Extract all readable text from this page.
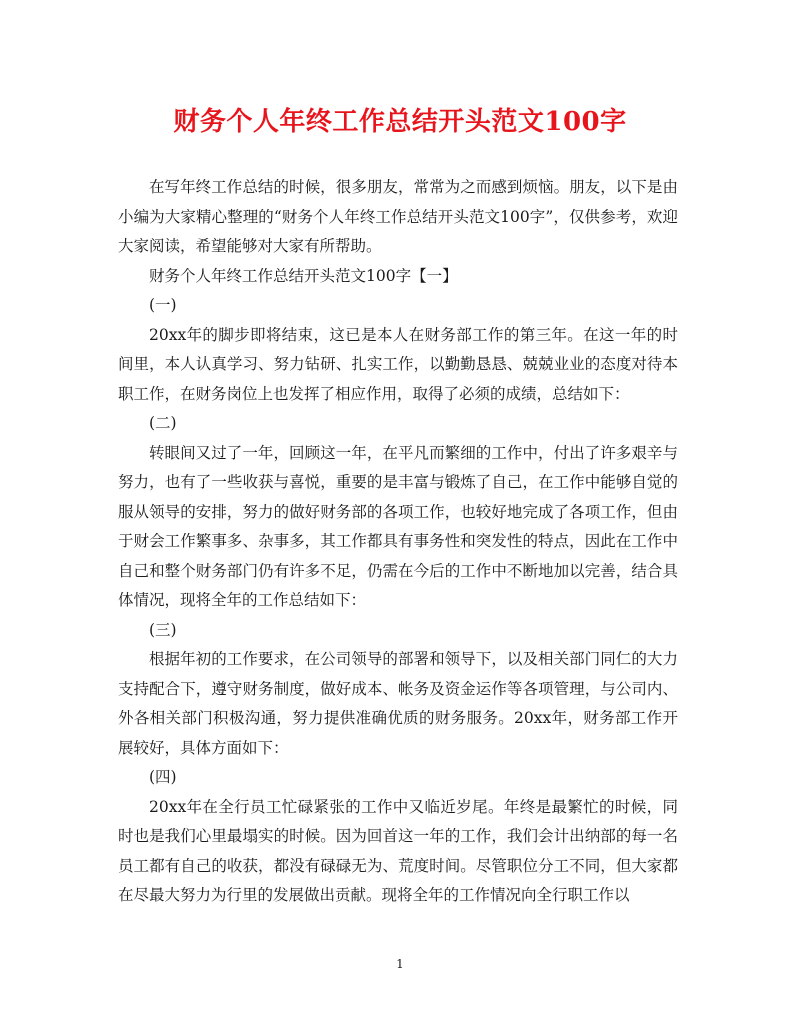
财务个人年终工作总结开头范文100字

在写年终工作总结的时候，很多朋友，常常为之而感到烦恼。朋友，以下是由小编为大家精心整理的“财务个人年终工作总结开头范文100字”，仅供参考，欢迎大家阅读，希望能够对大家有所帮助。

财务个人年终工作总结开头范文100字【一】

(一)

20xx年的脚步即将结束，这已是本人在财务部工作的第三年。在这一年的时间里，本人认真学习、努力钻研、扎实工作，以勤勤恳恳、兢兢业业的态度对待本职工作，在财务岗位上也发挥了相应作用，取得了必须的成绩，总结如下：

(二)

转眼间又过了一年，回顾这一年，在平凡而繁细的工作中，付出了许多艰辛与努力，也有了一些收获与喜悦，重要的是丰富与锻炼了自己，在工作中能够自觉的服从领导的安排，努力的做好财务部的各项工作，也较好地完成了各项工作，但由于财会工作繁事多、杂事多，其工作都具有事务性和突发性的特点，因此在工作中自己和整个财务部门仍有许多不足，仍需在今后的工作中不断地加以完善，结合具体情况，现将全年的工作总结如下：

(三)

根据年初的工作要求，在公司领导的部署和领导下，以及相关部门同仁的大力支持配合下，遵守财务制度，做好成本、帐务及资金运作等各项管理，与公司内、外各相关部门积极沟通，努力提供准确优质的财务服务。20xx年，财务部工作开展较好，具体方面如下：

(四)

20xx年在全行员工忙碌紧张的工作中又临近岁尾。年终是最繁忙的时候，同时也是我们心里最塌实的时候。因为回首这一年的工作，我们会计出纳部的每一名员工都有自己的收获，都没有碌碌无为、荒度时间。尽管职位分工不同，但大家都在尽最大努力为行里的发展做出贡献。现将全年的工作情况向全行职工作以

1
